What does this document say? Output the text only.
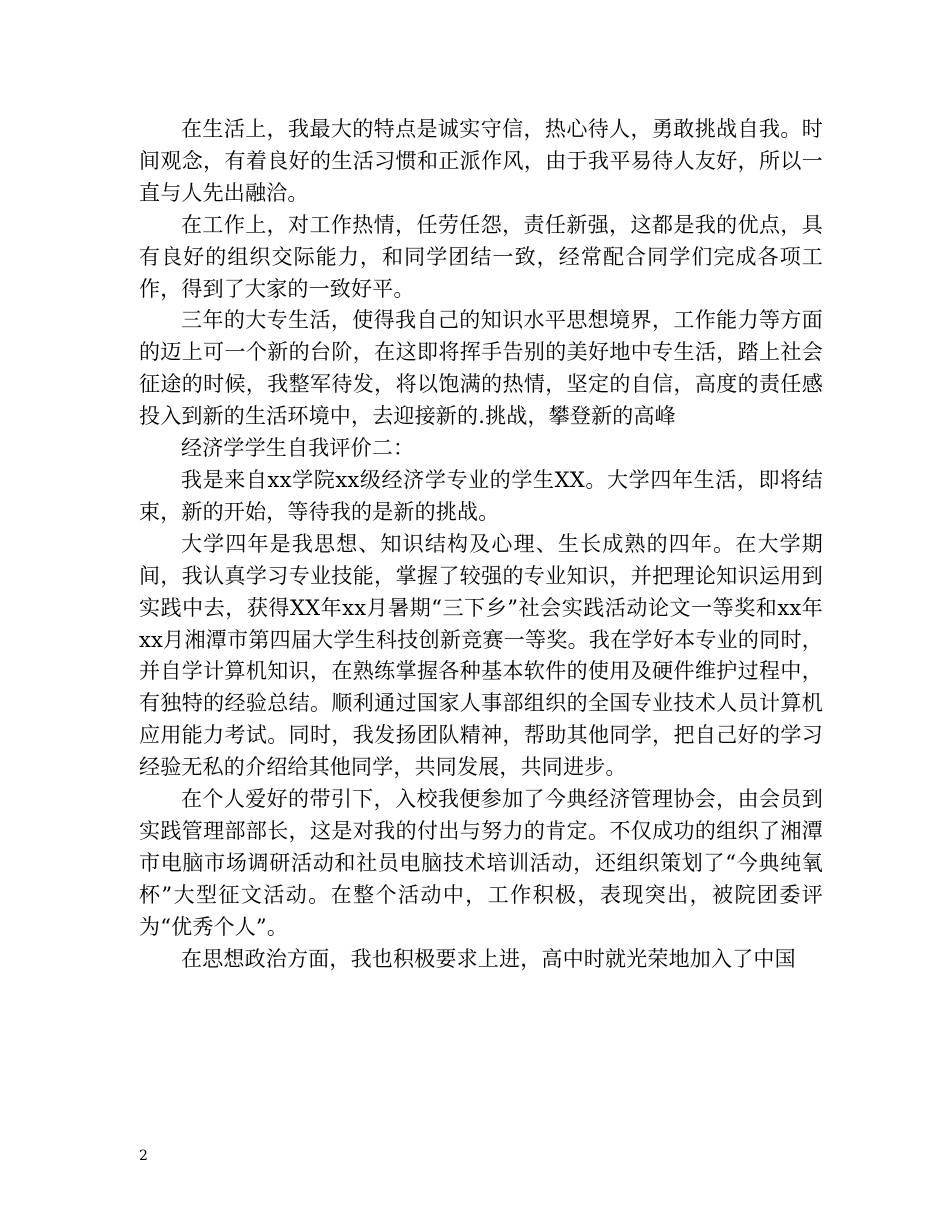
在生活上，我最大的特点是诚实守信，热心待人，勇敢挑战自我。时间观念，有着良好的生活习惯和正派作风，由于我平易待人友好，所以一直与人先出融洽。

在工作上，对工作热情，任劳任怨，责任新强，这都是我的优点，具有良好的组织交际能力，和同学团结一致，经常配合同学们完成各项工作，得到了大家的一致好平。

三年的大专生活，使得我自己的知识水平思想境界，工作能力等方面的迈上可一个新的台阶，在这即将挥手告别的美好地中专生活，踏上社会征途的时候，我整军待发，将以饱满的热情，坚定的自信，高度的责任感投入到新的生活环境中，去迎接新的.挑战，攀登新的高峰

经济学学生自我评价二：

我是来自xx学院xx级经济学专业的学生XX。大学四年生活，即将结束，新的开始，等待我的是新的挑战。

大学四年是我思想、知识结构及心理、生长成熟的四年。在大学期间，我认真学习专业技能，掌握了较强的专业知识，并把理论知识运用到实践中去，获得XX年xx月暑期“三下乡”社会实践活动论文一等奖和xx年xx月湘潭市第四届大学生科技创新竞赛一等奖。我在学好本专业的同时，并自学计算机知识，在熟练掌握各种基本软件的使用及硬件维护过程中，有独特的经验总结。顺利通过国家人事部组织的全国专业技术人员计算机应用能力考试。同时，我发扬团队精神，帮助其他同学，把自己好的学习经验无私的介绍给其他同学，共同发展，共同进步。

在个人爱好的带引下，入校我便参加了今典经济管理协会，由会员到实践管理部部长，这是对我的付出与努力的肯定。不仅成功的组织了湘潭市电脑市场调研活动和社员电脑技术培训活动，还组织策划了“今典纯氧杯”大型征文活动。在整个活动中，工作积极，表现突出，被院团委评为“优秀个人”。

在思想政治方面，我也积极要求上进，高中时就光荣地加入了中国

2
